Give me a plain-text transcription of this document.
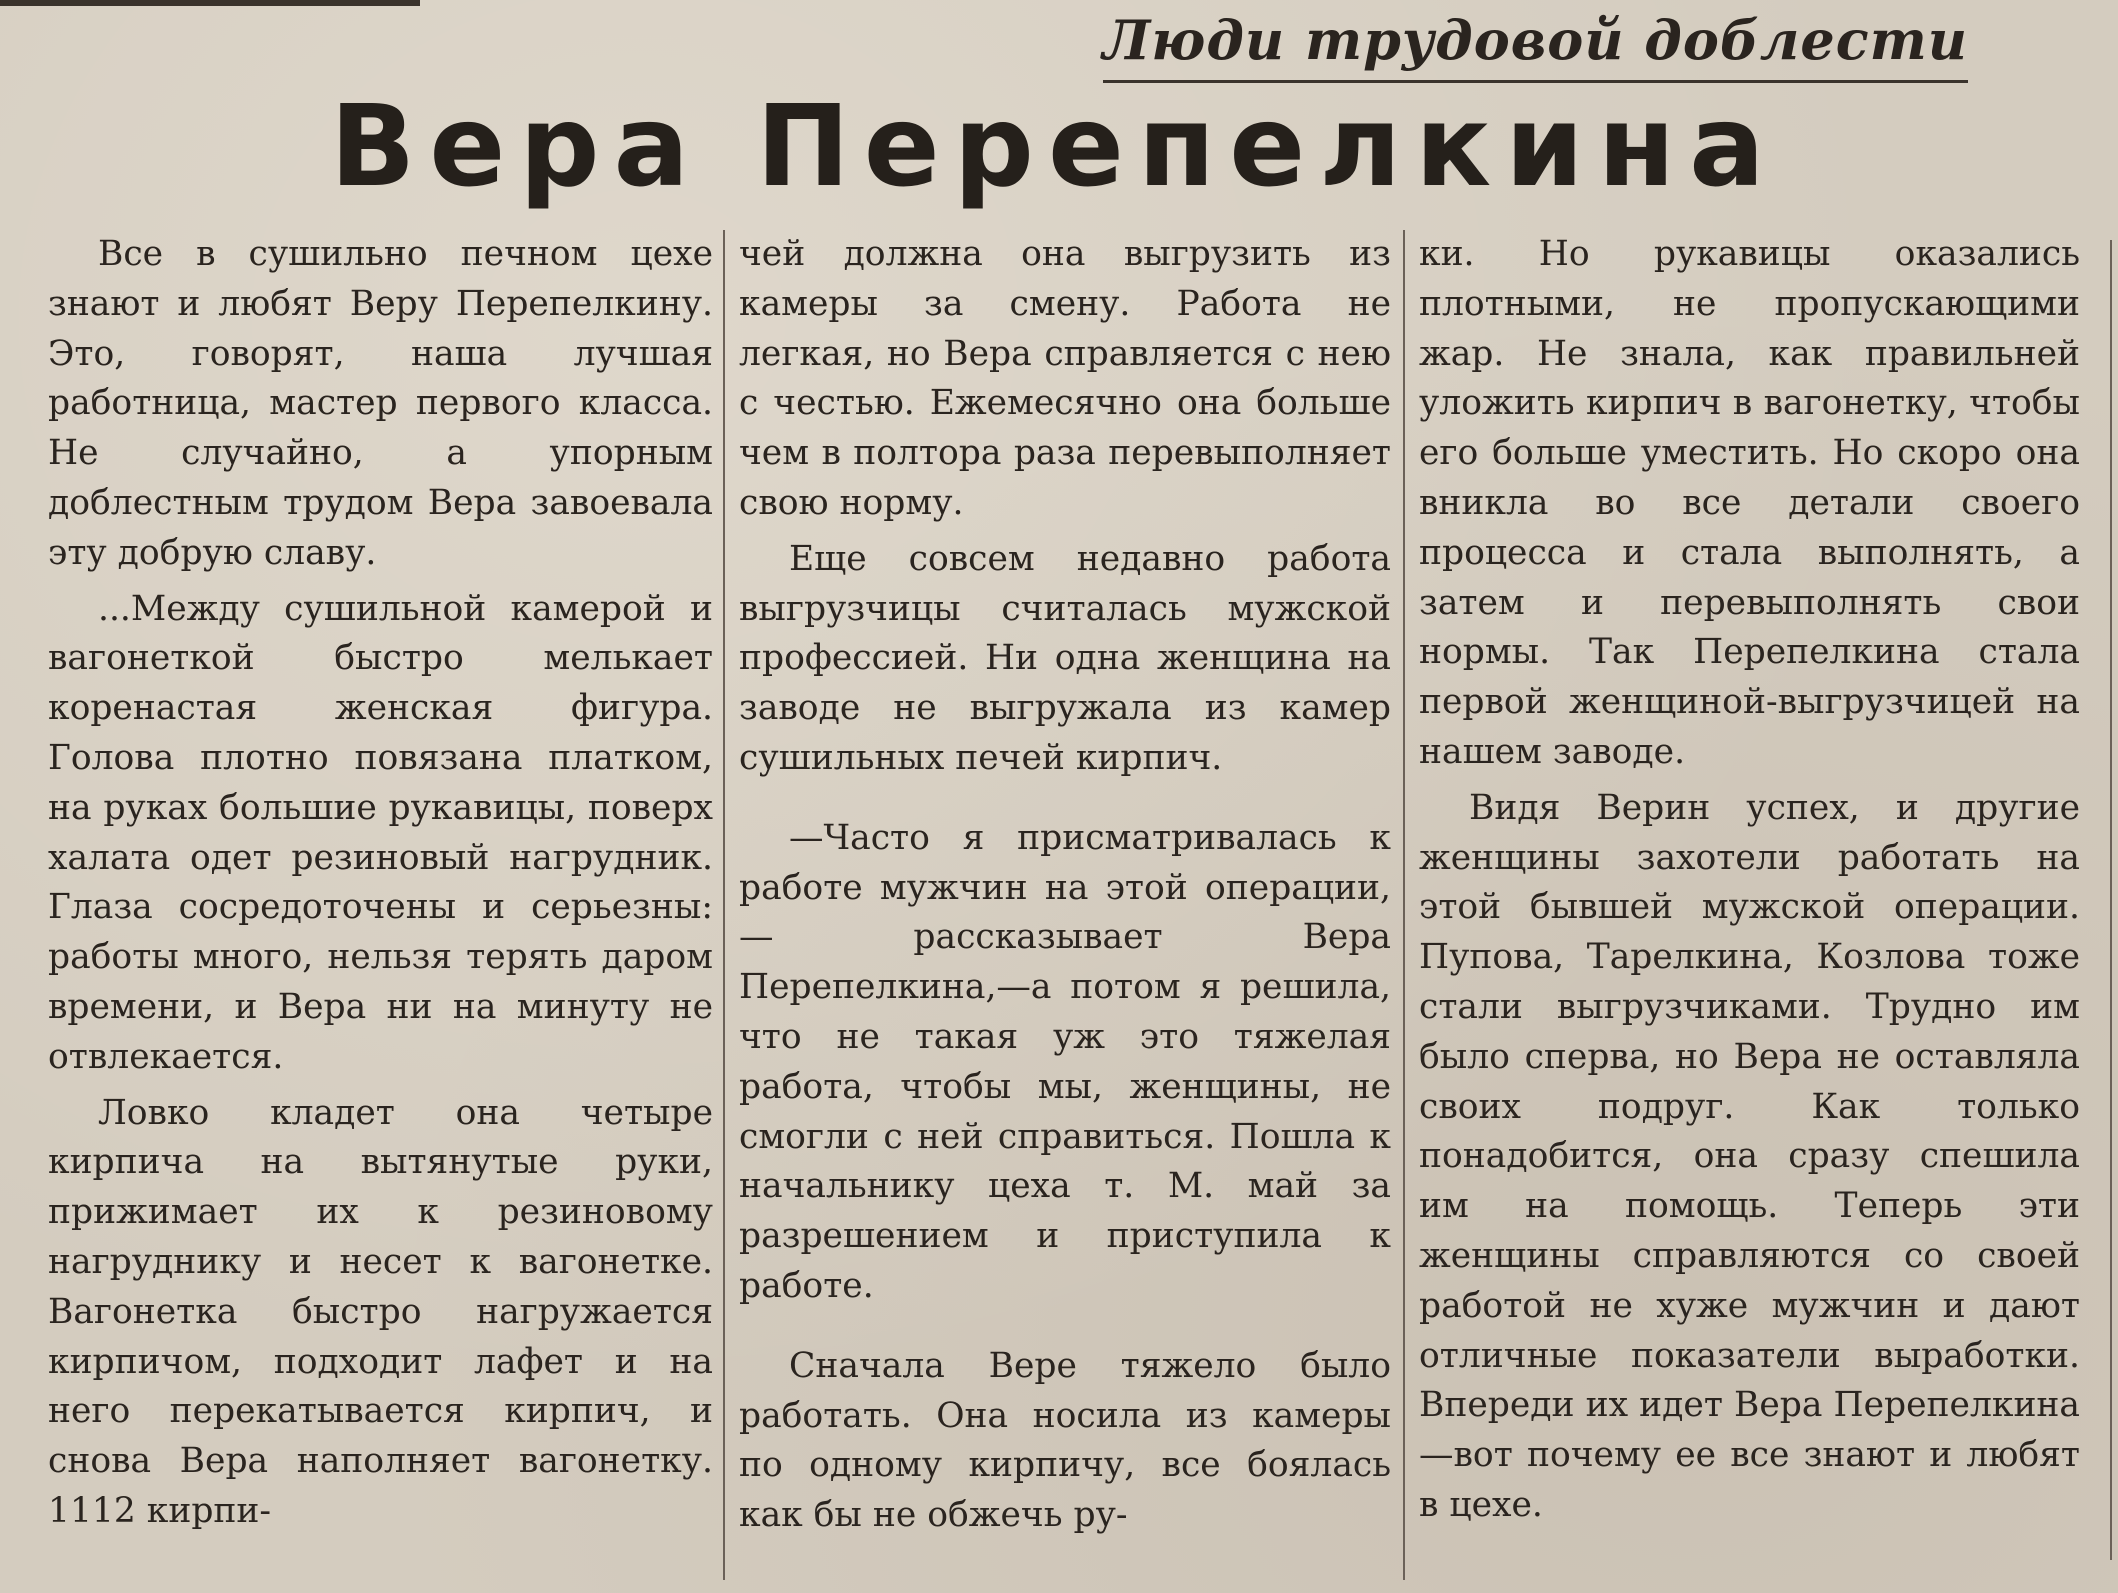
Люди трудовой доблести
Вера Перепелкина

Все в сушильно печном цехе знают и любят Веру Перепелкину. Это, говорят, наша лучшая работница, мастер первого класса. Не случайно, а упорным доблестным трудом Вера завоевала эту добрую славу.

...Между сушильной камерой и вагонеткой быстро мелькает коренастая женская фигура. Голова плотно повязана платком, на руках большие рукавицы, поверх халата одет резиновый нагрудник. Глаза сосредоточены и серьезны: работы много, нельзя терять даром времени, и Вера ни на минуту не отвлекается.

Ловко кладет она четыре кирпича на вытянутые руки, прижимает их к резиновому нагруднику и несет к вагонетке. Вагонетка быстро нагружается кирпичом, подходит лафет и на него перекатывается кирпич, и снова Вера наполняет вагонетку. 1112 кирпи-

чей должна она выгрузить из камеры за смену. Работа не легкая, но Вера справляется с нею с честью. Ежемесячно она больше чем в полтора раза перевыполняет свою норму.

Еще совсем недавно работа выгрузчицы считалась мужской профессией. Ни одна женщина на заводе не выгружала из камер сушильных печей кирпич.

—Часто я присматривалась к работе мужчин на этой операции, — рассказывает Вера Перепелкина,—а потом я решила, что не такая уж это тяжелая работа, чтобы мы, женщины, не смогли с ней справиться. Пошла к начальнику цеха т. М. май за разрешением и приступила к работе.

Сначала Вере тяжело было работать. Она носила из камеры по одному кирпичу, все боялась как бы не обжечь ру-

ки. Но рукавицы оказались плотными, не пропускающими жар. Не знала, как правильней уложить кирпич в вагонетку, чтобы его больше уместить. Но скоро она вникла во все детали своего процесса и стала выполнять, а затем и перевыполнять свои нормы. Так Перепелкина стала первой женщиной-выгрузчицей на нашем заводе.

Видя Верин успех, и другие женщины захотели работать на этой бывшей мужской операции. Пупова, Тарелкина, Козлова тоже стали выгрузчиками. Трудно им было сперва, но Вера не оставляла своих подруг. Как только понадобится, она сразу спешила им на помощь. Теперь эти женщины справляются со своей работой не хуже мужчин и дают отличные показатели выработки. Впереди их идет Вера Перепелкина —вот почему ее все знают и любят в цехе.
